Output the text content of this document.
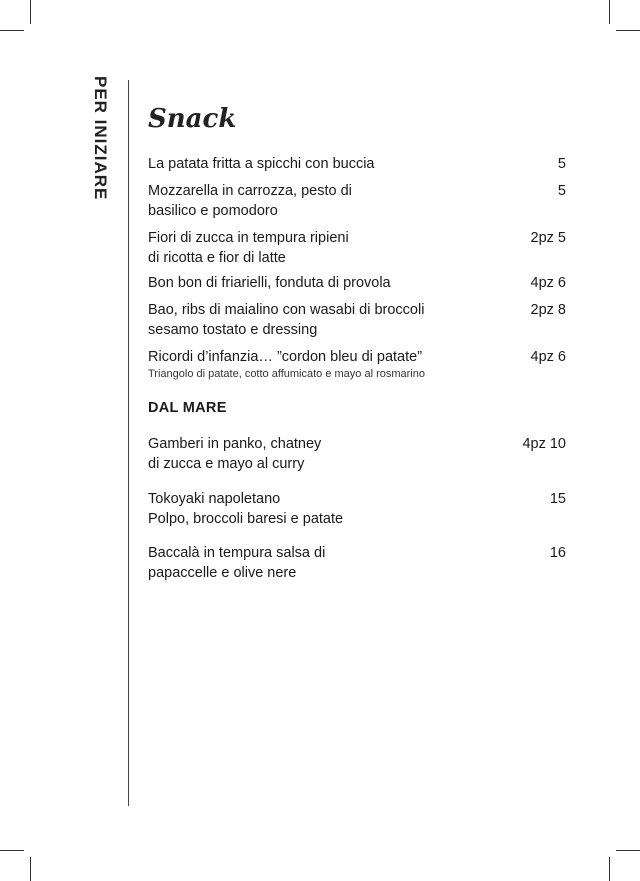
PER INIZIARE Snack
La patata fritta a spicchi con buccia	5
Mozzarella in carrozza, pesto di
basilico e pomodoro
5
Fiori di zucca in tempura ripieni
di ricotta e fior di latte
2pz 5
Bon bon di friarielli, fonduta di provola	4pz 6
Bao, ribs di maialino con wasabi di broccoli
sesamo tostato e dressing
2pz 8
Ricordi d’infanzia… ”cordon bleu di patate”
Triangolo di patate, cotto affumicato e mayo al rosmarino
4pz 6
DAL MARE
Gamberi in panko, chatney
di zucca e mayo al curry
4pz 10
Tokoyaki napoletano
Polpo, broccoli baresi e patate
15
Baccalà in tempura salsa di
papaccelle e olive nere
16
